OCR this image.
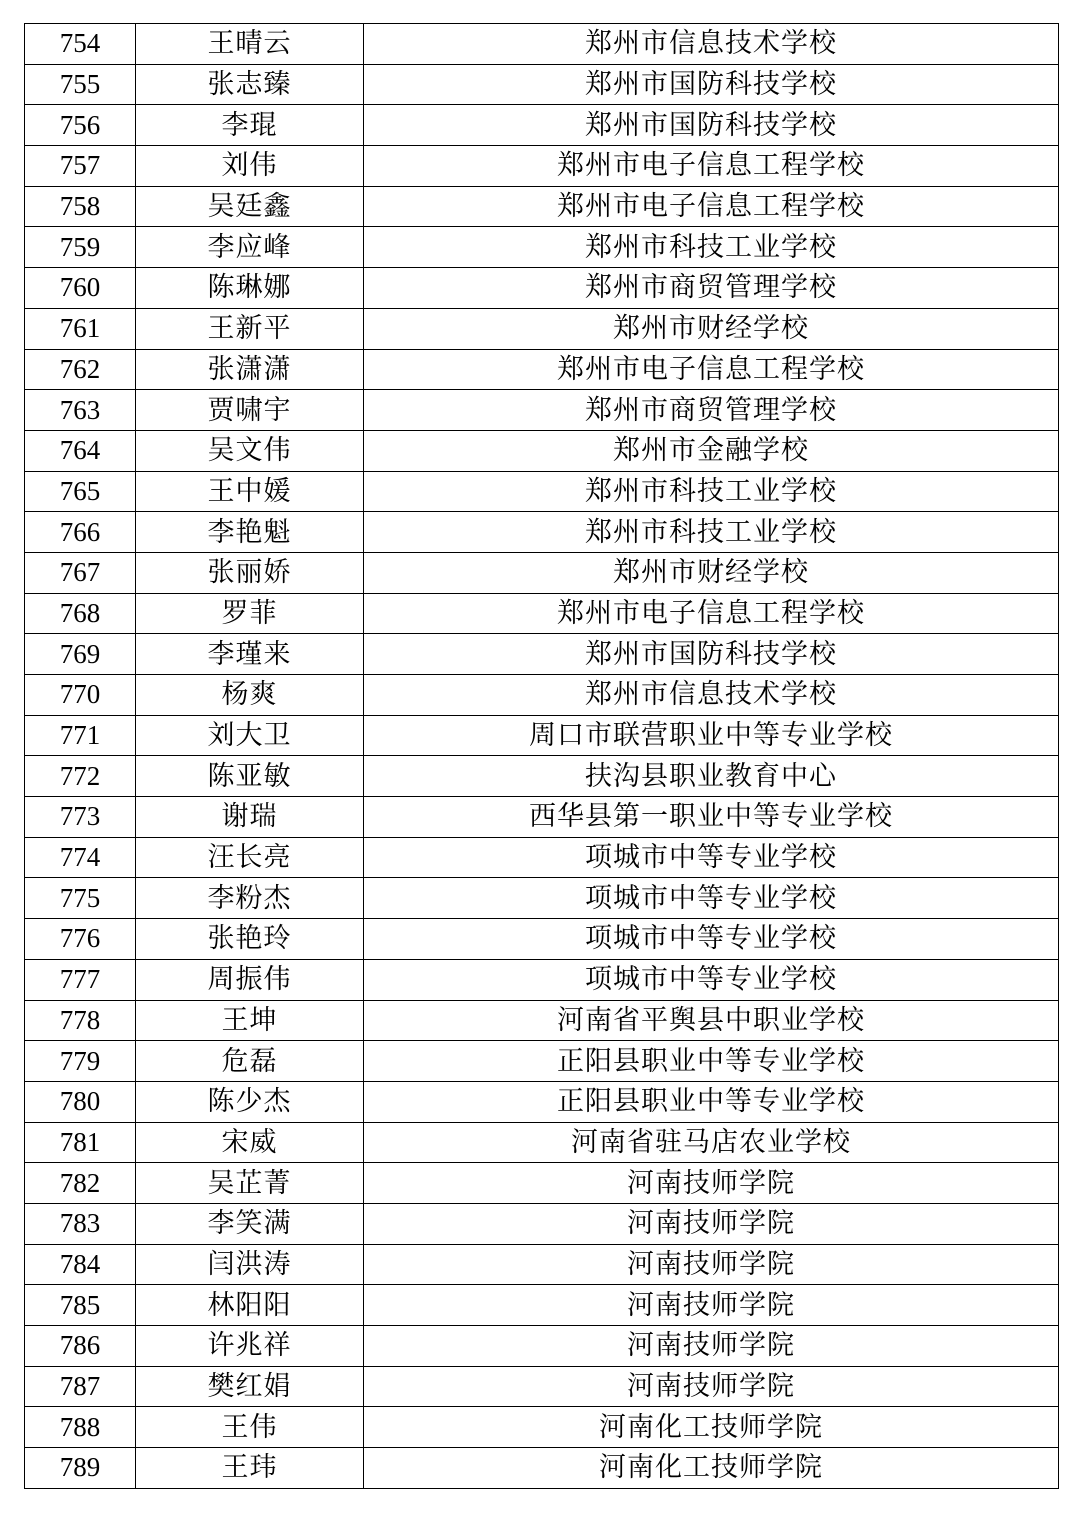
754	王晴云	郑州市信息技术学校
755	张志臻	郑州市国防科技学校
756	李琨	郑州市国防科技学校
757	刘伟	郑州市电子信息工程学校
758	吴廷鑫	郑州市电子信息工程学校
759	李应峰	郑州市科技工业学校
760	陈琳娜	郑州市商贸管理学校
761	王新平	郑州市财经学校
762	张潇潇	郑州市电子信息工程学校
763	贾啸宇	郑州市商贸管理学校
764	吴文伟	郑州市金融学校
765	王中媛	郑州市科技工业学校
766	李艳魁	郑州市科技工业学校
767	张丽娇	郑州市财经学校
768	罗菲	郑州市电子信息工程学校
769	李瑾来	郑州市国防科技学校
770	杨爽	郑州市信息技术学校
771	刘大卫	周口市联营职业中等专业学校
772	陈亚敏	扶沟县职业教育中心
773	谢瑞	西华县第一职业中等专业学校
774	汪长亮	项城市中等专业学校
775	李粉杰	项城市中等专业学校
776	张艳玲	项城市中等专业学校
777	周振伟	项城市中等专业学校
778	王坤	河南省平舆县中职业学校
779	危磊	正阳县职业中等专业学校
780	陈少杰	正阳县职业中等专业学校
781	宋威	河南省驻马店农业学校
782	吴芷菁	河南技师学院
783	李笑满	河南技师学院
784	闫洪涛	河南技师学院
785	林阳阳	河南技师学院
786	许兆祥	河南技师学院
787	樊红娟	河南技师学院
788	王伟	河南化工技师学院
789	王玮	河南化工技师学院
